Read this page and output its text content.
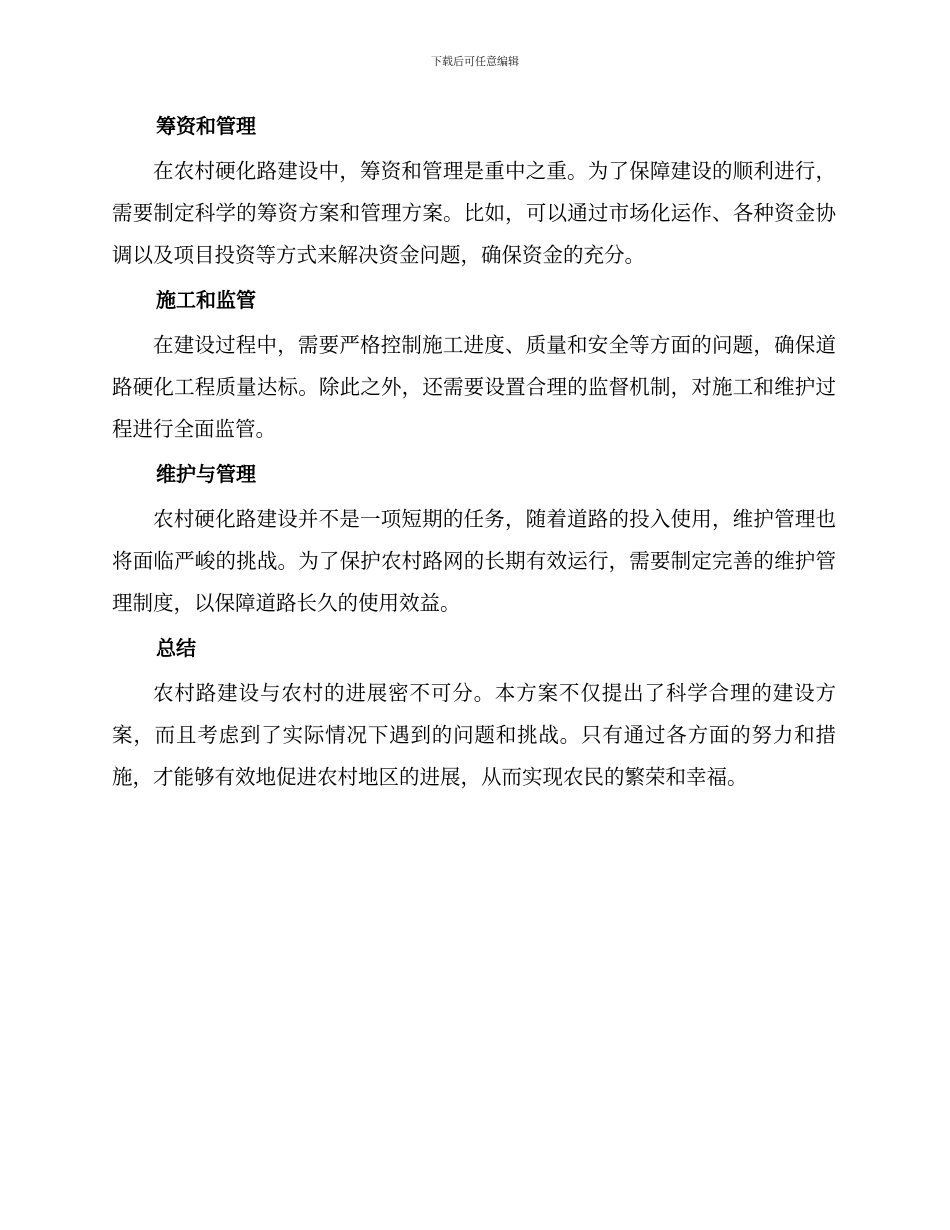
下载后可任意编辑
筹资和管理

在农村硬化路建设中，筹资和管理是重中之重。为了保障建设的顺利进行，需要制定科学的筹资方案和管理方案。比如，可以通过市场化运作、各种资金协调以及项目投资等方式来解决资金问题，确保资金的充分。

施工和监管

在建设过程中，需要严格控制施工进度、质量和安全等方面的问题，确保道路硬化工程质量达标。除此之外，还需要设置合理的监督机制，对施工和维护过程进行全面监管。

维护与管理

农村硬化路建设并不是一项短期的任务，随着道路的投入使用，维护管理也将面临严峻的挑战。为了保护农村路网的长期有效运行，需要制定完善的维护管理制度，以保障道路长久的使用效益。

总结

农村路建设与农村的进展密不可分。本方案不仅提出了科学合理的建设方案，而且考虑到了实际情况下遇到的问题和挑战。只有通过各方面的努力和措施，才能够有效地促进农村地区的进展，从而实现农民的繁荣和幸福。
